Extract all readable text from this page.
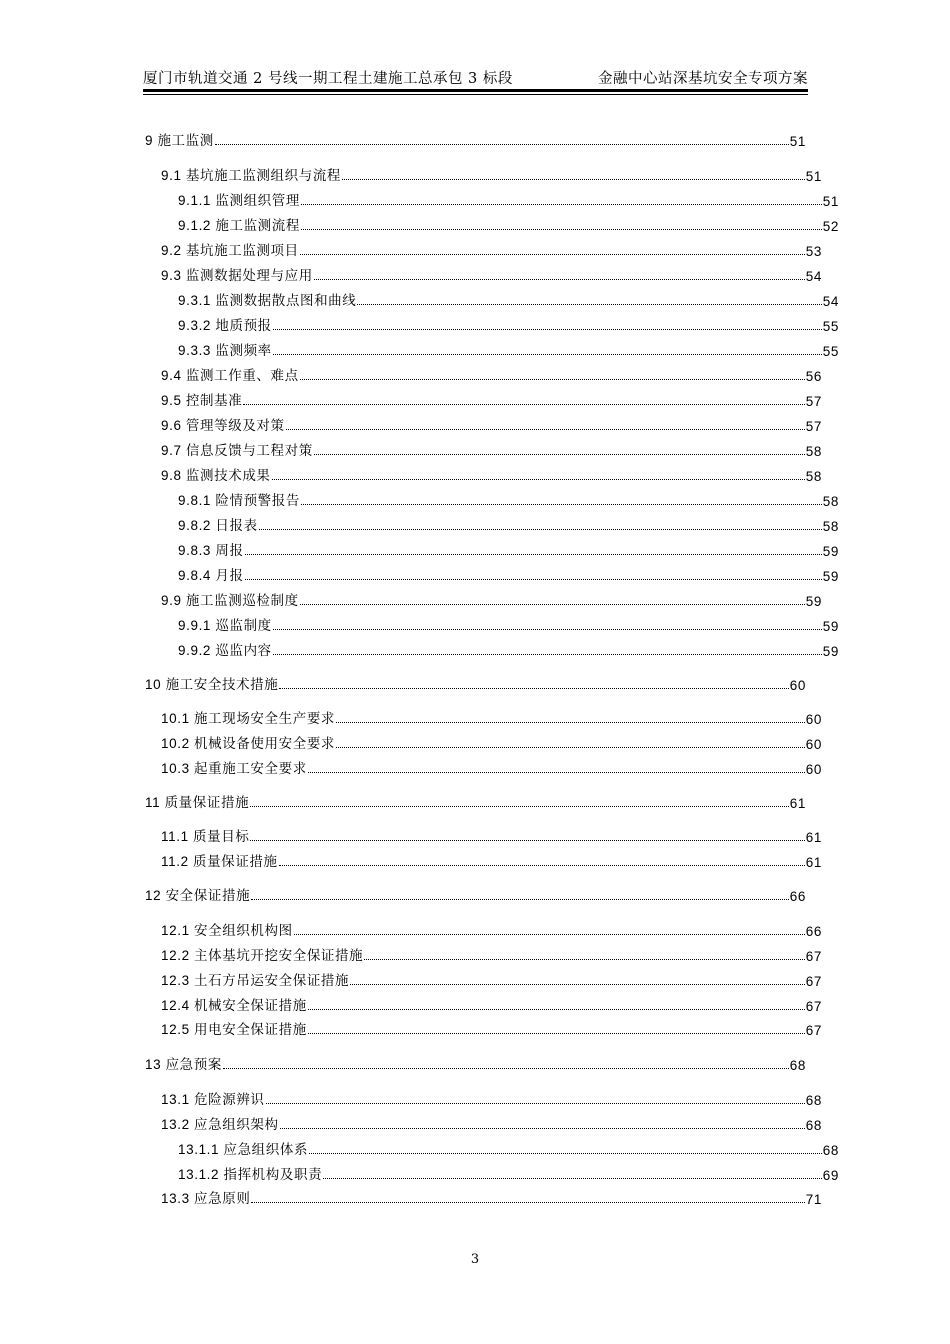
厦门市轨道交通 2 号线一期工程土建施工总承包 3 标段	金融中心站深基坑安全专项方案
9 施工监测	51
9.1 基坑施工监测组织与流程	51
9.1.1 监测组织管理	51
9.1.2 施工监测流程	52
9.2 基坑施工监测项目	53
9.3 监测数据处理与应用	54
9.3.1 监测数据散点图和曲线	54
9.3.2 地质预报	55
9.3.3 监测频率	55
9.4 监测工作重、难点	56
9.5 控制基准	57
9.6 管理等级及对策	57
9.7 信息反馈与工程对策	58
9.8 监测技术成果	58
9.8.1 险情预警报告	58
9.8.2 日报表	58
9.8.3 周报	59
9.8.4 月报	59
9.9 施工监测巡检制度	59
9.9.1 巡监制度	59
9.9.2 巡监内容	59
10 施工安全技术措施	60
10.1 施工现场安全生产要求	60
10.2 机械设备使用安全要求	60
10.3 起重施工安全要求	60
11 质量保证措施	61
11.1 质量目标	61
11.2 质量保证措施	61
12 安全保证措施	66
12.1 安全组织机构图	66
12.2 主体基坑开挖安全保证措施	67
12.3 土石方吊运安全保证措施	67
12.4 机械安全保证措施	67
12.5 用电安全保证措施	67
13 应急预案	68
13.1 危险源辨识	68
13.2 应急组织架构	68
13.1.1 应急组织体系	68
13.1.2 指挥机构及职责	69
13.3 应急原则	71
3
